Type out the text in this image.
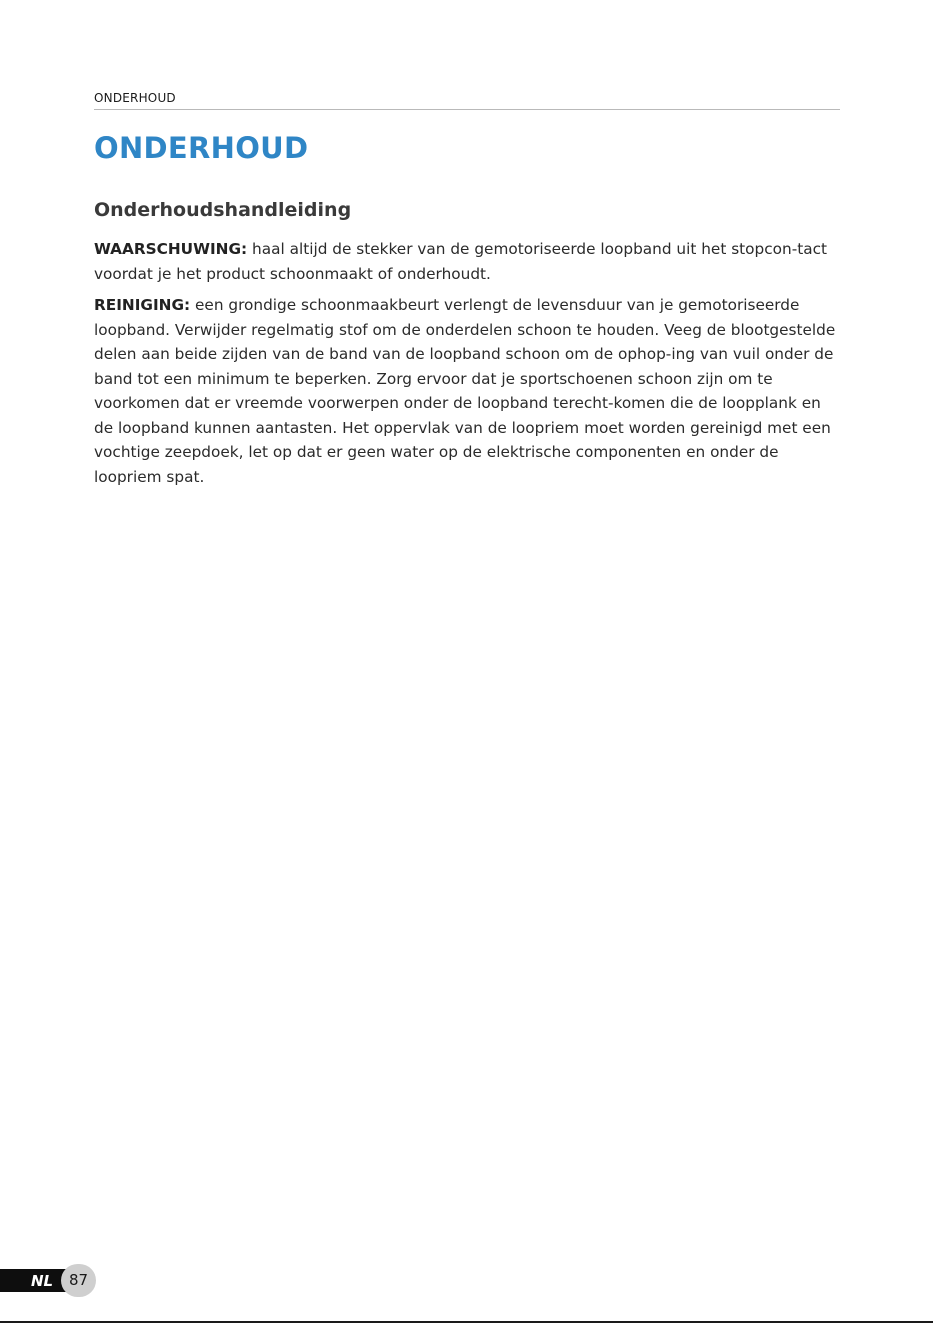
ONDERHOUD
ONDERHOUD
Onderhoudshandleiding

WAARSCHUWING: haal altijd de stekker van de gemotoriseerde loopband uit het stopcon-tact voordat je het product schoonmaakt of onderhoudt.

REINIGING: een grondige schoonmaakbeurt verlengt de levensduur van je gemotoriseerde loopband. Verwijder regelmatig stof om de onderdelen schoon te houden. Veeg de blootgestelde delen aan beide zijden van de band van de loopband schoon om de ophop-ing van vuil onder de band tot een minimum te beperken. Zorg ervoor dat je sportschoenen schoon zijn om te voorkomen dat er vreemde voorwerpen onder de loopband terecht-komen die de loopplank en de loopband kunnen aantasten. Het oppervlak van de loopriem moet worden gereinigd met een vochtige zeepdoek, let op dat er geen water op de elektrische componenten en onder de loopriem spat.

NL	87
